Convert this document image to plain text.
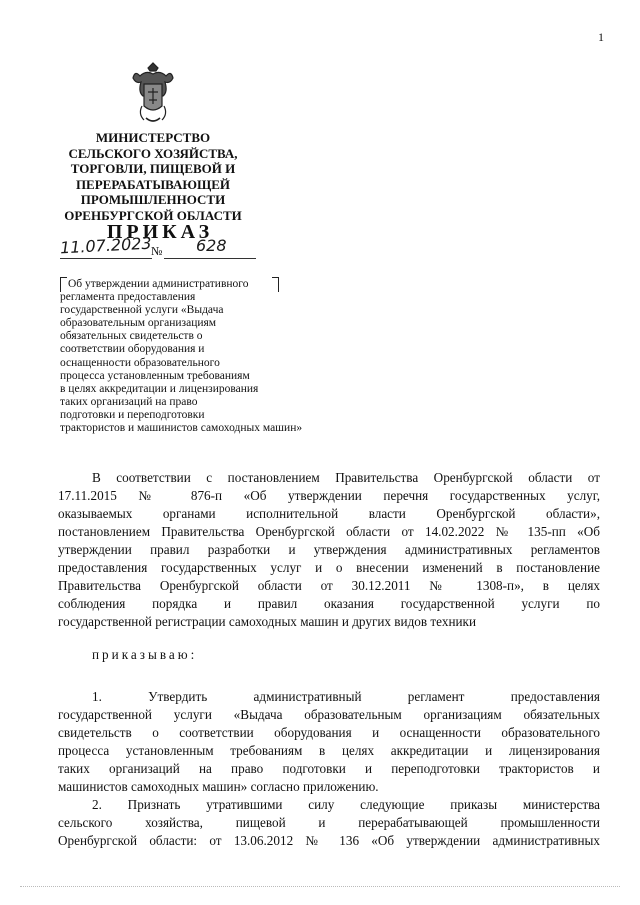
1
МИНИСТЕРСТВО
СЕЛЬСКОГО ХОЗЯЙСТВА,
ТОРГОВЛИ, ПИЩЕВОЙ И
ПЕРЕРАБАТЫВАЮЩЕЙ
ПРОМЫШЛЕННОСТИ
ОРЕНБУРГСКОЙ ОБЛАСТИ
ПРИКАЗ
11.07.2023
№ 628
Об утверждении административного
регламента предоставления
государственной услуги «Выдача
образовательным организациям
обязательных свидетельств о
соответствии оборудования и
оснащенности образовательного
процесса установленным требованиям
в целях аккредитации и лицензирования
таких организаций на право
подготовки и переподготовки
трактористов и машинистов самоходных машин»
В соответствии с постановлением Правительства Оренбургской области от
17.11.2015 № 876-п «Об утверждении перечня государственных услуг,
оказываемых органами исполнительной власти Оренбургской области»,
постановлением Правительства Оренбургской области от 14.02.2022 № 135-пп «Об
утверждении правил разработки и утверждения административных регламентов
предоставления государственных услуг и о внесении изменений в постановление
Правительства Оренбургской области от 30.12.2011 № 1308-п», в целях
соблюдения порядка и правил оказания государственной услуги по
государственной регистрации самоходных машин и других видов техники
приказываю:
1. Утвердить административный регламент предоставления
государственной услуги «Выдача образовательным организациям обязательных
свидетельств о соответствии оборудования и оснащенности образовательного
процесса установленным требованиям в целях аккредитации и лицензирования
таких организаций на право подготовки и переподготовки трактористов и
машинистов самоходных машин» согласно приложению.
2. Признать утратившими силу следующие приказы министерства
сельского хозяйства, пищевой и перерабатывающей промышленности
Оренбургской области: от 13.06.2012 № 136 «Об утверждении административных
